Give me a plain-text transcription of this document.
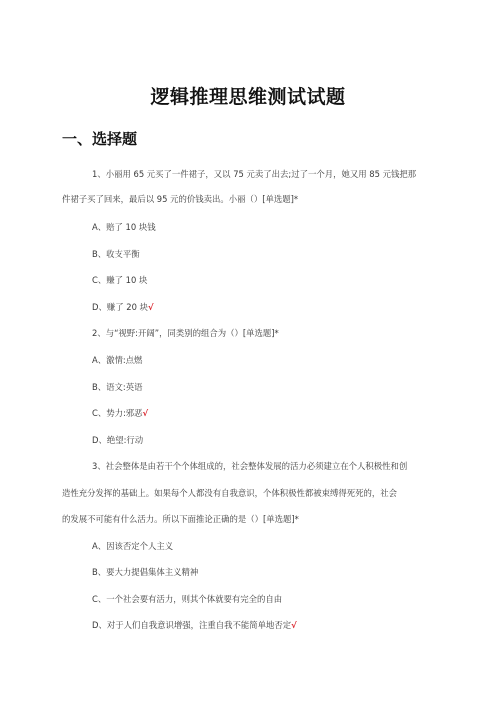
逻辑推理思维测试试题
一、选择题
1、小丽用 65 元买了一件裙子，又以 75 元卖了出去;过了一个月，她又用 85 元钱把那
件裙子买了回来，最后以 95 元的价钱卖出。小丽（）[单选题]*
A、赔了 10 块钱
B、收支平衡
C、赚了 10 块
D、赚了 20 块√
2、与“视野:开阔”，同类别的组合为（）[单选题]*
A、激情:点燃
B、语文:英语
C、势力:邪恶√
D、绝望:行动
3、社会整体是由若干个个体组成的，社会整体发展的活力必须建立在个人积极性和创
造性充分发挥的基础上。如果每个人都没有自我意识，个体积极性都被束缚得死死的，社会
的发展不可能有什么活力。所以下面推论正确的是（）[单选题]*
A、因该否定个人主义
B、要大力提倡集体主义精神
C、一个社会要有活力，则其个体就要有完全的自由
D、对于人们自我意识增强，注重自我不能简单地否定√
